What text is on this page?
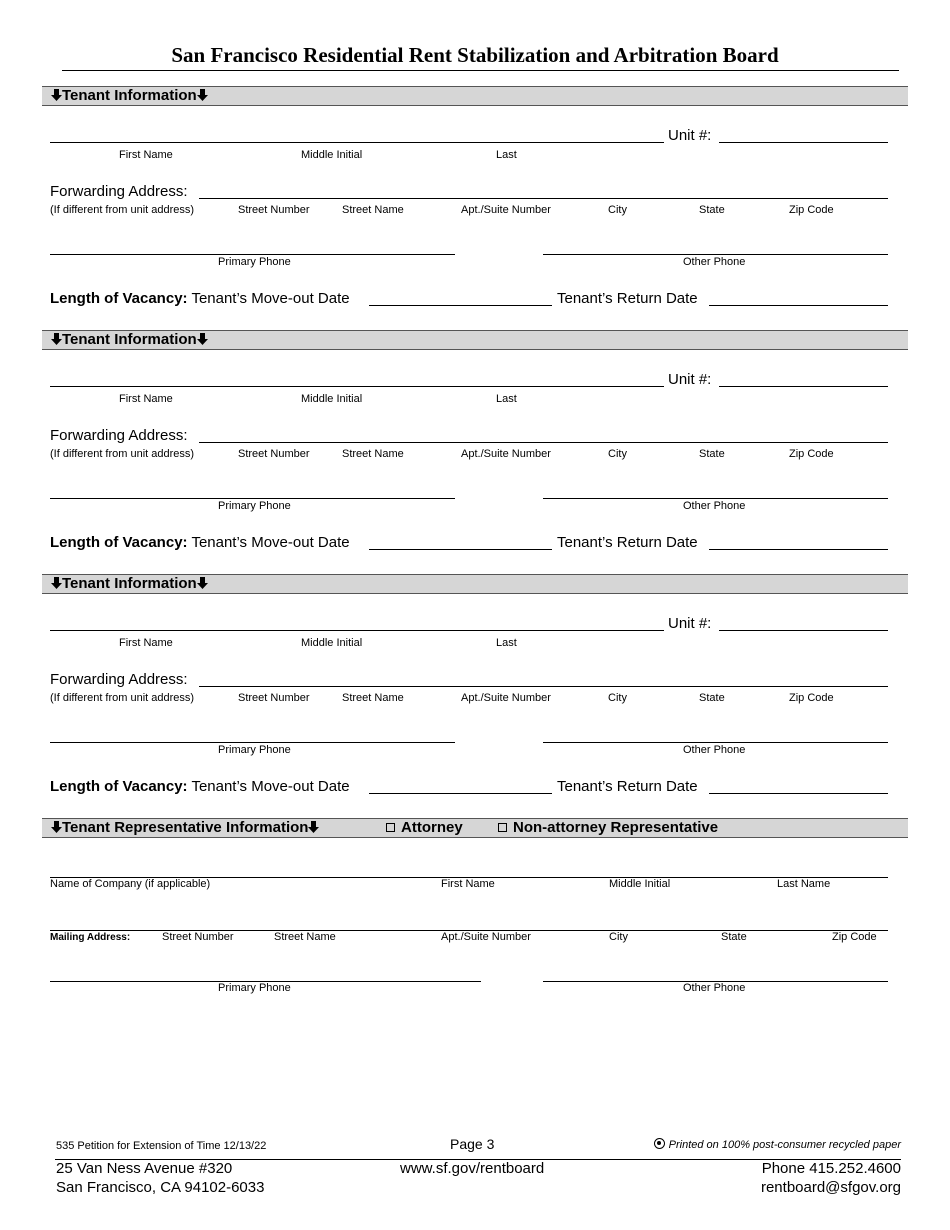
San Francisco Residential Rent Stabilization and Arbitration Board
Tenant Information
Unit #:
First Name	Middle Initial	Last
Forwarding Address:
(If different from unit address)	Street Number	Street Name	Apt./Suite Number	City	State	Zip Code
Primary Phone	Other Phone
Length of Vacancy: Tenant’s Move-out Date	Tenant’s Return Date
Tenant Information
Unit #:
First Name	Middle Initial	Last
Forwarding Address:
(If different from unit address)	Street Number	Street Name	Apt./Suite Number	City	State	Zip Code
Primary Phone	Other Phone
Length of Vacancy: Tenant’s Move-out Date	Tenant’s Return Date
Tenant Information
Unit #:
First Name	Middle Initial	Last
Forwarding Address:
(If different from unit address)	Street Number	Street Name	Apt./Suite Number	City	State	Zip Code
Primary Phone	Other Phone
Length of Vacancy: Tenant’s Move-out Date	Tenant’s Return Date
Tenant Representative Information	Attorney	Non-attorney Representative
Name of Company (if applicable)	First Name	Middle Initial	Last Name
Mailing Address:	Street Number	Street Name	Apt./Suite Number	City	State	Zip Code
Primary Phone	Other Phone
535 Petition for Extension of Time 12/13/22	Page 3	Printed on 100% post-consumer recycled paper
25 Van Ness Avenue #320
San Francisco, CA 94102-6033
www.sf.gov/rentboard	Phone 415.252.4600
rentboard@sfgov.org
